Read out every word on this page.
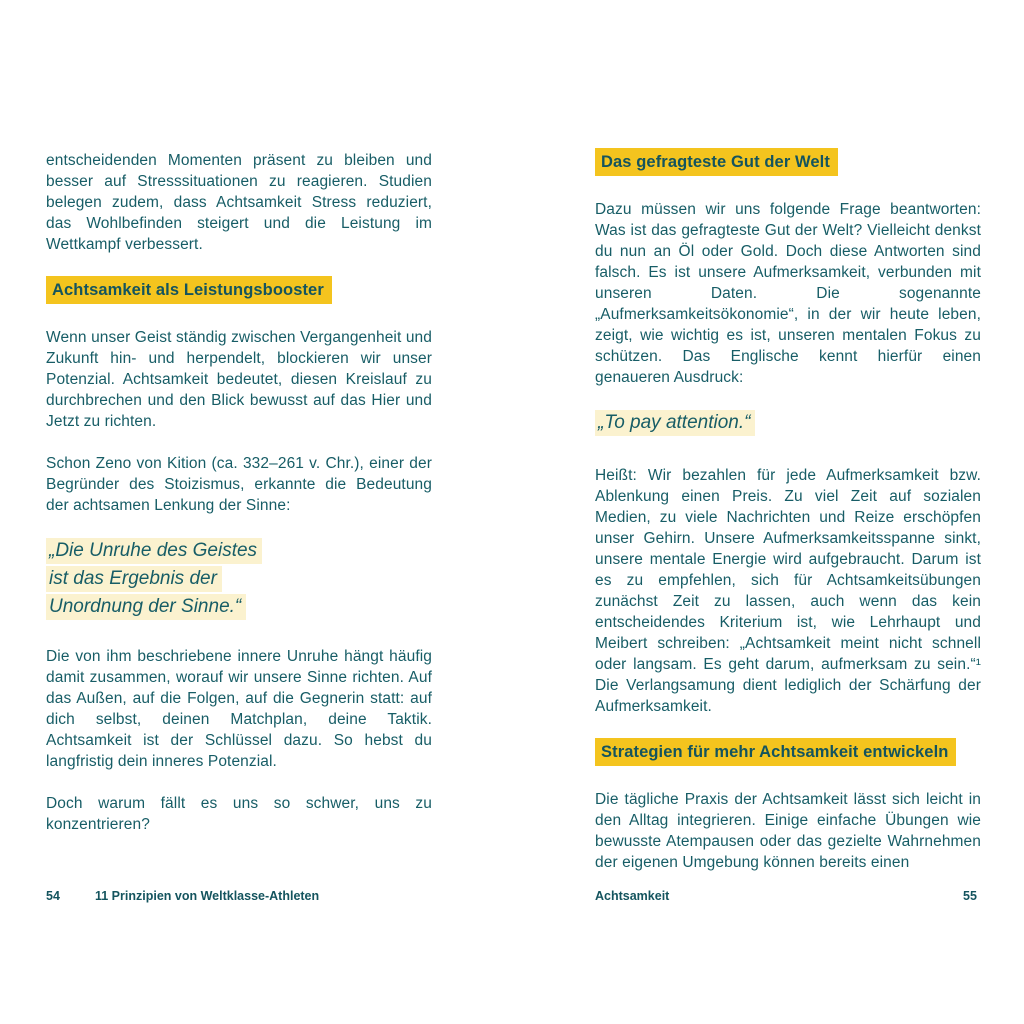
entscheidenden Momenten präsent zu bleiben und besser auf Stresssituationen zu reagieren. Studien belegen zudem, dass Achtsamkeit Stress reduziert, das Wohlbefinden steigert und die Leistung im Wettkampf verbessert.

Achtsamkeit als Leistungsbooster

Wenn unser Geist ständig zwischen Vergangenheit und Zukunft hin- und herpendelt, blockieren wir unser Potenzial. Achtsamkeit bedeutet, diesen Kreislauf zu durchbrechen und den Blick bewusst auf das Hier und Jetzt zu richten.

Schon Zeno von Kition (ca. 332–261 v. Chr.), einer der Begründer des Stoizismus, erkannte die Bedeutung der achtsamen Lenkung der Sinne:

„Die Unruhe des Geistes
ist das Ergebnis der
Unordnung der Sinne.“

Die von ihm beschriebene innere Unruhe hängt häufig damit zusammen, worauf wir unsere Sinne richten. Auf das Außen, auf die Folgen, auf die Gegnerin statt: auf dich selbst, deinen Matchplan, deine Taktik. Achtsamkeit ist der Schlüssel dazu. So hebst du langfristig dein inneres Potenzial.

Doch warum fällt es uns so schwer, uns zu konzentrieren?

Das gefragteste Gut der Welt

Dazu müssen wir uns folgende Frage beantworten: Was ist das gefragteste Gut der Welt? Vielleicht denkst du nun an Öl oder Gold. Doch diese Antworten sind falsch. Es ist unsere Aufmerksamkeit, verbunden mit unseren Daten. Die sogenannte „Aufmerksamkeitsökonomie“, in der wir heute leben, zeigt, wie wichtig es ist, unseren mentalen Fokus zu schützen. Das Englische kennt hierfür einen genaueren Ausdruck:

„To pay attention.“

Heißt: Wir bezahlen für jede Aufmerksamkeit bzw. Ablenkung einen Preis. Zu viel Zeit auf sozialen Medien, zu viele Nachrichten und Reize erschöpfen unser Gehirn. Unsere Aufmerksamkeitsspanne sinkt, unsere mentale Energie wird aufgebraucht. Darum ist es zu empfehlen, sich für Achtsamkeitsübungen zunächst Zeit zu lassen, auch wenn das kein entscheidendes Kriterium ist, wie Lehrhaupt und Meibert schreiben: „Achtsamkeit meint nicht schnell oder langsam. Es geht darum, aufmerksam zu sein.“¹ Die Verlangsamung dient lediglich der Schärfung der Aufmerksamkeit.

Strategien für mehr Achtsamkeit entwickeln

Die tägliche Praxis der Achtsamkeit lässt sich leicht in den Alltag integrieren. Einige einfache Übungen wie bewusste Atempausen oder das gezielte Wahrnehmen der eigenen Umgebung können bereits einen

54	11 Prinzipien von Weltklasse-Athleten	Achtsamkeit	55
